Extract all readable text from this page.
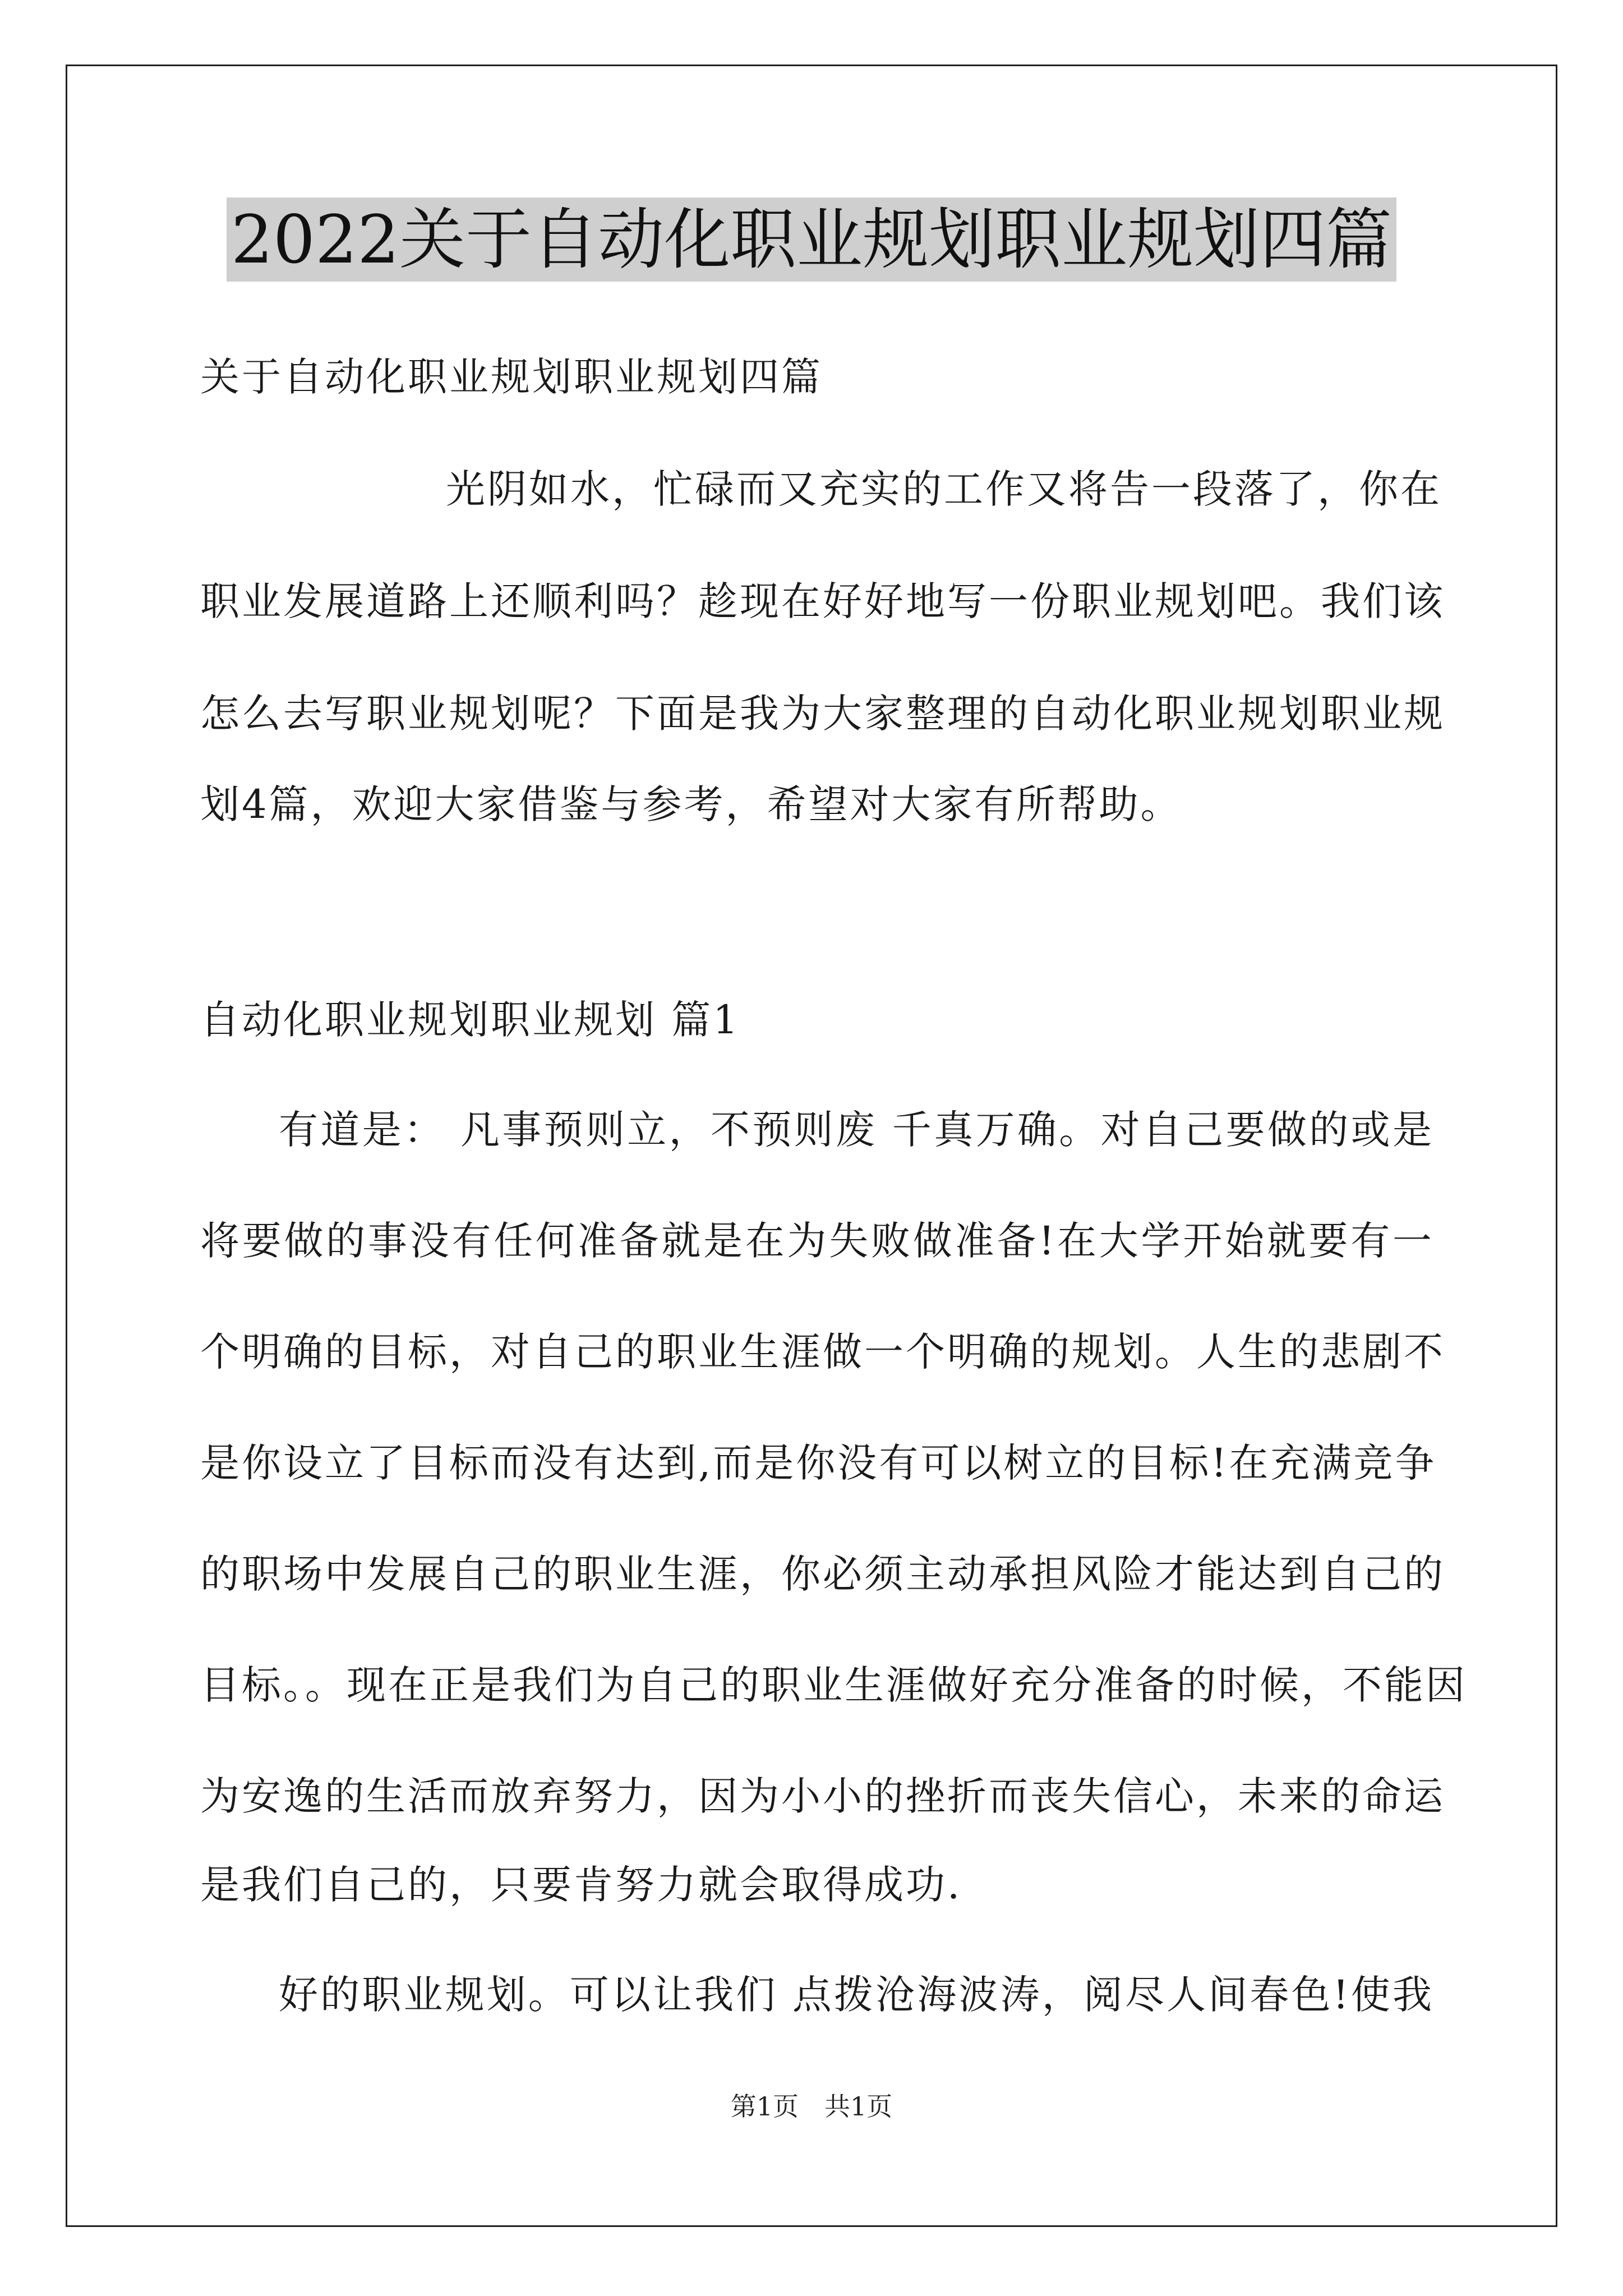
2022关于自动化职业规划职业规划四篇
关于自动化职业规划职业规划四篇
光阴如水，忙碌而又充实的工作又将告一段落了，你在
职业发展道路上还顺利吗？趁现在好好地写一份职业规划吧。我们该
怎么去写职业规划呢？下面是我为大家整理的自动化职业规划职业规
划4篇，欢迎大家借鉴与参考，希望对大家有所帮助。
自动化职业规划职业规划 篇1
有道是： 凡事预则立，不预则废 千真万确。对自己要做的或是
将要做的事没有任何准备就是在为失败做准备!在大学开始就要有一
个明确的目标，对自己的职业生涯做一个明确的规划。人生的悲剧不
是你设立了目标而没有达到,而是你没有可以树立的目标!在充满竞争
的职场中发展自己的职业生涯，你必须主动承担风险才能达到自己的
目标。。现在正是我们为自己的职业生涯做好充分准备的时候，不能因
为安逸的生活而放弃努力，因为小小的挫折而丧失信心，未来的命运
是我们自己的，只要肯努力就会取得成功.
好的职业规划。可以让我们 点拨沧海波涛，阅尽人间春色!使我
第1页　共1页
